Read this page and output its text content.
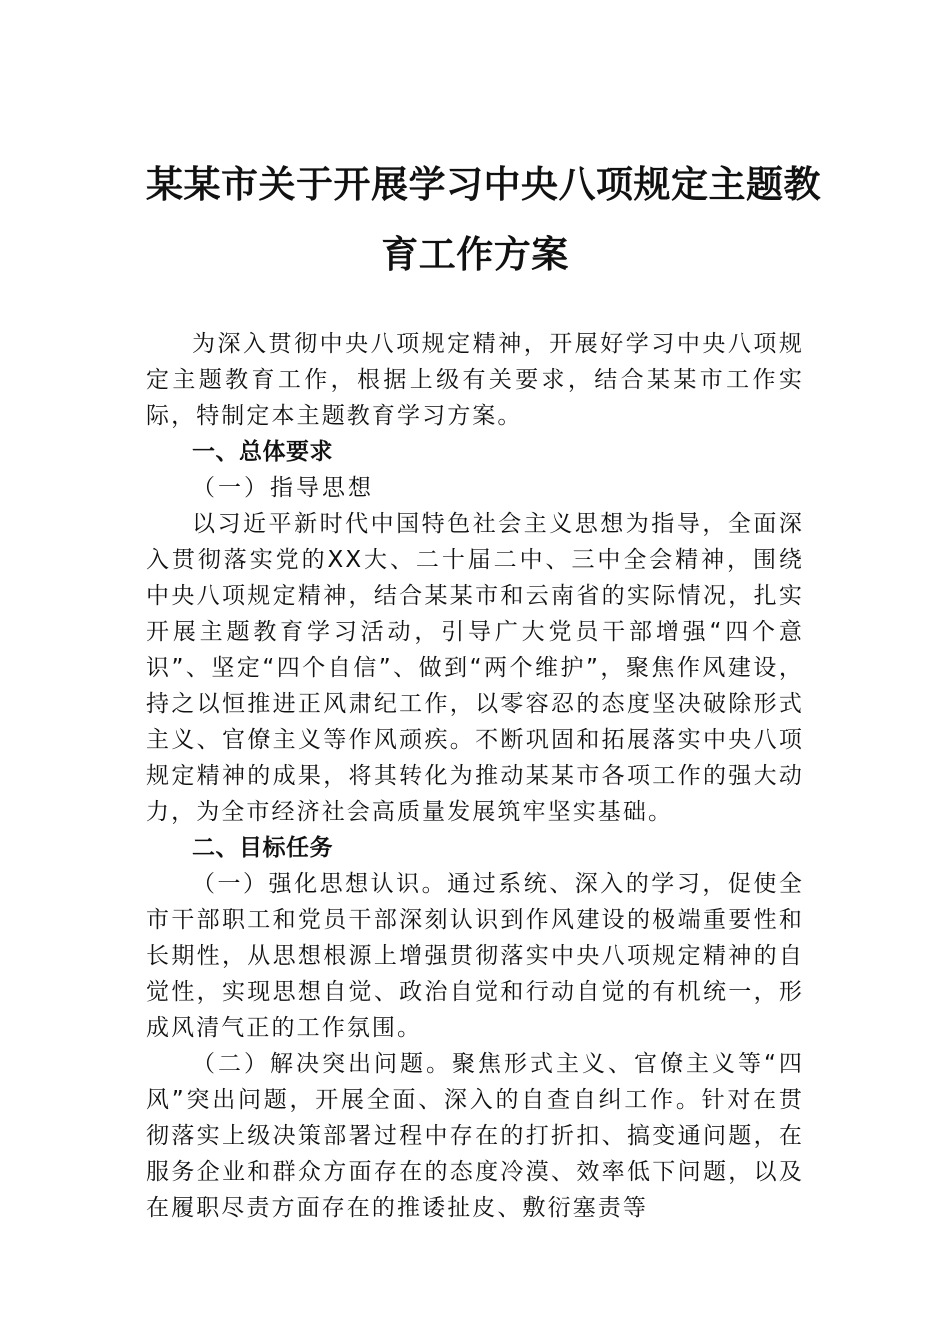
某某市关于开展学习中央八项规定主题教
育工作方案

为深入贯彻中央八项规定精神，开展好学习中央八项规定主题教育工作，根据上级有关要求，结合某某市工作实际，特制定本主题教育学习方案。

一、总体要求

（一）指导思想

以习近平新时代中国特色社会主义思想为指导，全面深入贯彻落实党的XX大、二十届二中、三中全会精神，围绕中央八项规定精神，结合某某市和云南省的实际情况，扎实开展主题教育学习活动，引导广大党员干部增强“四个意识”、坚定“四个自信”、做到“两个维护”，聚焦作风建设，持之以恒推进正风肃纪工作，以零容忍的态度坚决破除形式主义、官僚主义等作风顽疾。不断巩固和拓展落实中央八项规定精神的成果，将其转化为推动某某市各项工作的强大动力，为全市经济社会高质量发展筑牢坚实基础。

二、目标任务

（一）强化思想认识。通过系统、深入的学习，促使全市干部职工和党员干部深刻认识到作风建设的极端重要性和长期性，从思想根源上增强贯彻落实中央八项规定精神的自觉性，实现思想自觉、政治自觉和行动自觉的有机统一，形成风清气正的工作氛围。

（二）解决突出问题。聚焦形式主义、官僚主义等“四风”突出问题，开展全面、深入的自查自纠工作。针对在贯彻落实上级决策部署过程中存在的打折扣、搞变通问题，在服务企业和群众方面存在的态度冷漠、效率低下问题，以及在履职尽责方面存在的推诿扯皮、敷衍塞责等
